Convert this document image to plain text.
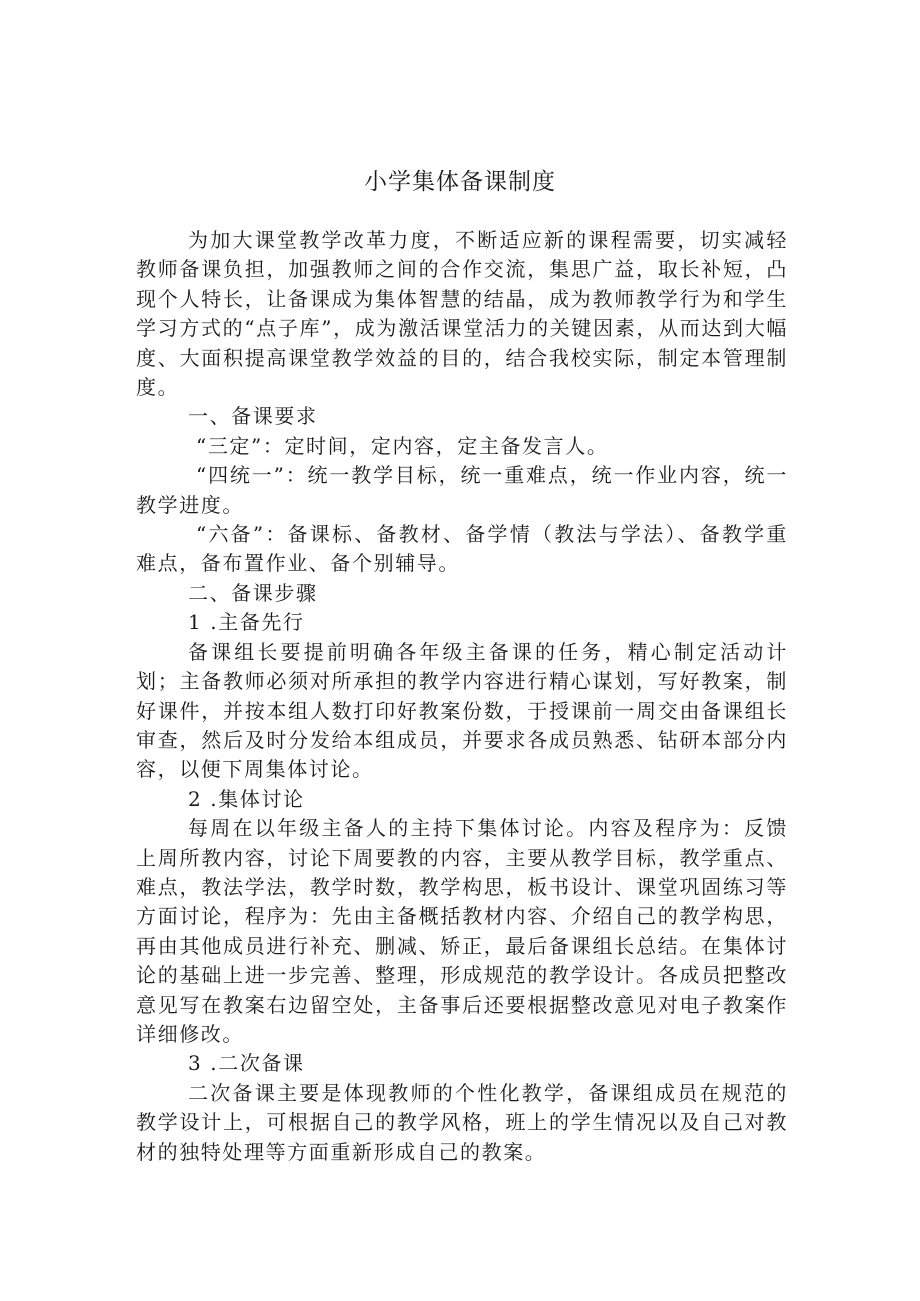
小学集体备课制度

为加大课堂教学改革力度，不断适应新的课程需要，切实减轻教师备课负担，加强教师之间的合作交流，集思广益，取长补短，凸现个人特长，让备课成为集体智慧的结晶，成为教师教学行为和学生学习方式的“点子库”，成为激活课堂活力的关键因素，从而达到大幅度、大面积提高课堂教学效益的目的，结合我校实际，制定本管理制度。

一、备课要求

“三定”：定时间，定内容，定主备发言人。

“四统一”：统一教学目标，统一重难点，统一作业内容，统一教学进度。

“六备”：备课标、备教材、备学情（教法与学法）、备教学重难点，备布置作业、备个别辅导。

二、备课步骤

1 .主备先行

备课组长要提前明确各年级主备课的任务，精心制定活动计划；主备教师必须对所承担的教学内容进行精心谋划，写好教案，制好课件，并按本组人数打印好教案份数，于授课前一周交由备课组长审查，然后及时分发给本组成员，并要求各成员熟悉、钻研本部分内容，以便下周集体讨论。

2 .集体讨论

每周在以年级主备人的主持下集体讨论。内容及程序为：反馈上周所教内容，讨论下周要教的内容，主要从教学目标，教学重点、难点，教法学法，教学时数，教学构思，板书设计、课堂巩固练习等方面讨论，程序为：先由主备概括教材内容、介绍自己的教学构思，再由其他成员进行补充、删减、矫正，最后备课组长总结。在集体讨论的基础上进一步完善、整理，形成规范的教学设计。各成员把整改意见写在教案右边留空处，主备事后还要根据整改意见对电子教案作详细修改。

3 .二次备课

二次备课主要是体现教师的个性化教学，备课组成员在规范的教学设计上，可根据自己的教学风格，班上的学生情况以及自己对教材的独特处理等方面重新形成自己的教案。
